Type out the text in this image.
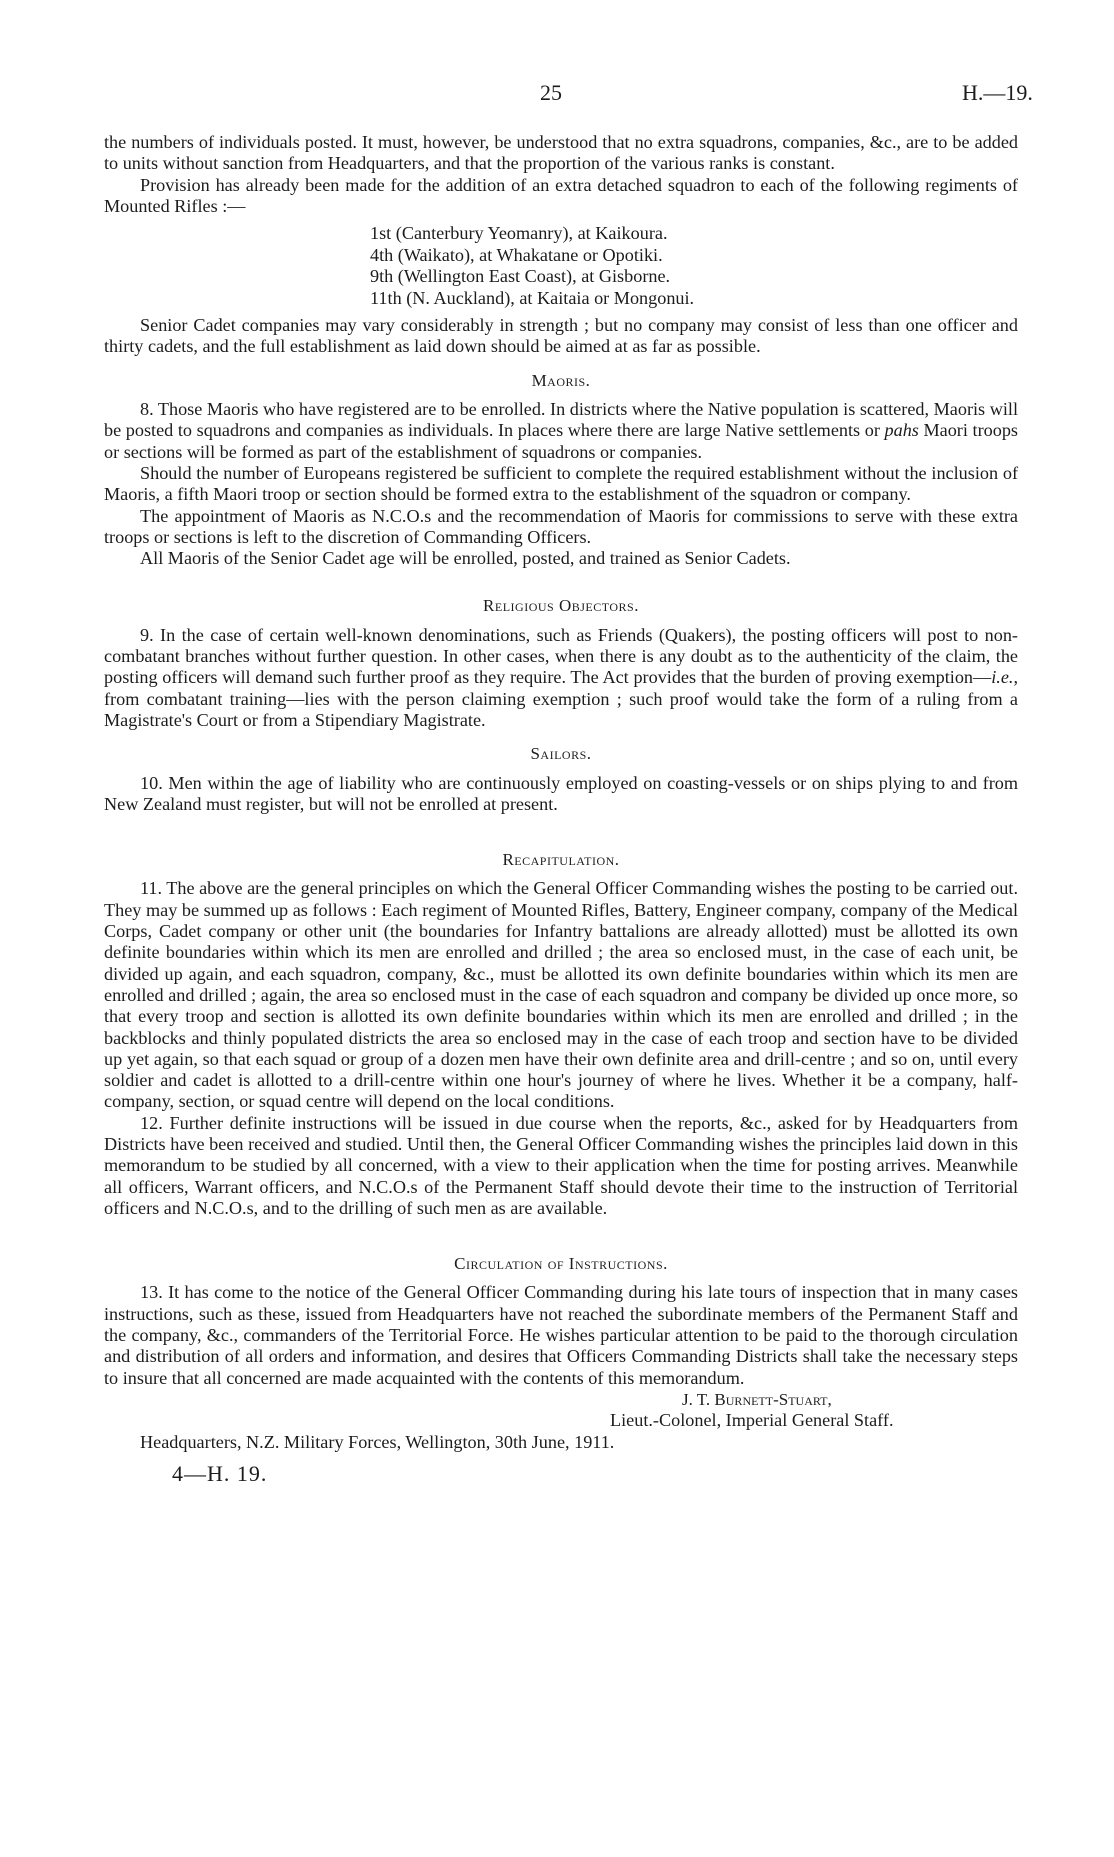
25	H.—19.

the numbers of individuals posted. It must, however, be understood that no extra squadrons, companies, &c., are to be added to units without sanction from Headquarters, and that the proportion of the various ranks is constant.

Provision has already been made for the addition of an extra detached squadron to each of the following regiments of Mounted Rifles :—

1st (Canterbury Yeomanry), at Kaikoura.
4th (Waikato), at Whakatane or Opotiki.
9th (Wellington East Coast), at Gisborne.
11th (N. Auckland), at Kaitaia or Mongonui.

Senior Cadet companies may vary considerably in strength ; but no company may consist of less than one officer and thirty cadets, and the full establishment as laid down should be aimed at as far as possible.

Maoris.

8. Those Maoris who have registered are to be enrolled. In districts where the Native population is scattered, Maoris will be posted to squadrons and companies as individuals. In places where there are large Native settlements or pahs Maori troops or sections will be formed as part of the establishment of squadrons or companies.

Should the number of Europeans registered be sufficient to complete the required establishment without the inclusion of Maoris, a fifth Maori troop or section should be formed extra to the establishment of the squadron or company.

The appointment of Maoris as N.C.O.s and the recommendation of Maoris for commissions to serve with these extra troops or sections is left to the discretion of Commanding Officers.

All Maoris of the Senior Cadet age will be enrolled, posted, and trained as Senior Cadets.

Religious Objectors.

9. In the case of certain well-known denominations, such as Friends (Quakers), the posting officers will post to non-combatant branches without further question. In other cases, when there is any doubt as to the authenticity of the claim, the posting officers will demand such further proof as they require. The Act provides that the burden of proving exemption—i.e., from combatant training—lies with the person claiming exemption ; such proof would take the form of a ruling from a Magistrate's Court or from a Stipendiary Magistrate.

Sailors.

10. Men within the age of liability who are continuously employed on coasting-vessels or on ships plying to and from New Zealand must register, but will not be enrolled at present.

Recapitulation.

11. The above are the general principles on which the General Officer Commanding wishes the posting to be carried out. They may be summed up as follows : Each regiment of Mounted Rifles, Battery, Engineer company, company of the Medical Corps, Cadet company or other unit (the boundaries for Infantry battalions are already allotted) must be allotted its own definite boundaries within which its men are enrolled and drilled ; the area so enclosed must, in the case of each unit, be divided up again, and each squadron, company, &c., must be allotted its own definite boundaries within which its men are enrolled and drilled ; again, the area so enclosed must in the case of each squadron and company be divided up once more, so that every troop and section is allotted its own definite boundaries within which its men are enrolled and drilled ; in the backblocks and thinly populated districts the area so enclosed may in the case of each troop and section have to be divided up yet again, so that each squad or group of a dozen men have their own definite area and drill-centre ; and so on, until every soldier and cadet is allotted to a drill-centre within one hour's journey of where he lives. Whether it be a company, half-company, section, or squad centre will depend on the local conditions.

12. Further definite instructions will be issued in due course when the reports, &c., asked for by Headquarters from Districts have been received and studied. Until then, the General Officer Commanding wishes the principles laid down in this memorandum to be studied by all concerned, with a view to their application when the time for posting arrives. Meanwhile all officers, Warrant officers, and N.C.O.s of the Permanent Staff should devote their time to the instruction of Territorial officers and N.C.O.s, and to the drilling of such men as are available.

Circulation of Instructions.

13. It has come to the notice of the General Officer Commanding during his late tours of inspection that in many cases instructions, such as these, issued from Headquarters have not reached the subordinate members of the Permanent Staff and the company, &c., commanders of the Territorial Force. He wishes particular attention to be paid to the thorough circulation and distribution of all orders and information, and desires that Officers Commanding Districts shall take the necessary steps to insure that all concerned are made acquainted with the contents of this memorandum.

J. T. Burnett-Stuart,
Lieut.-Colonel, Imperial General Staff.
Headquarters, N.Z. Military Forces, Wellington, 30th June, 1911.
4—H. 19.
